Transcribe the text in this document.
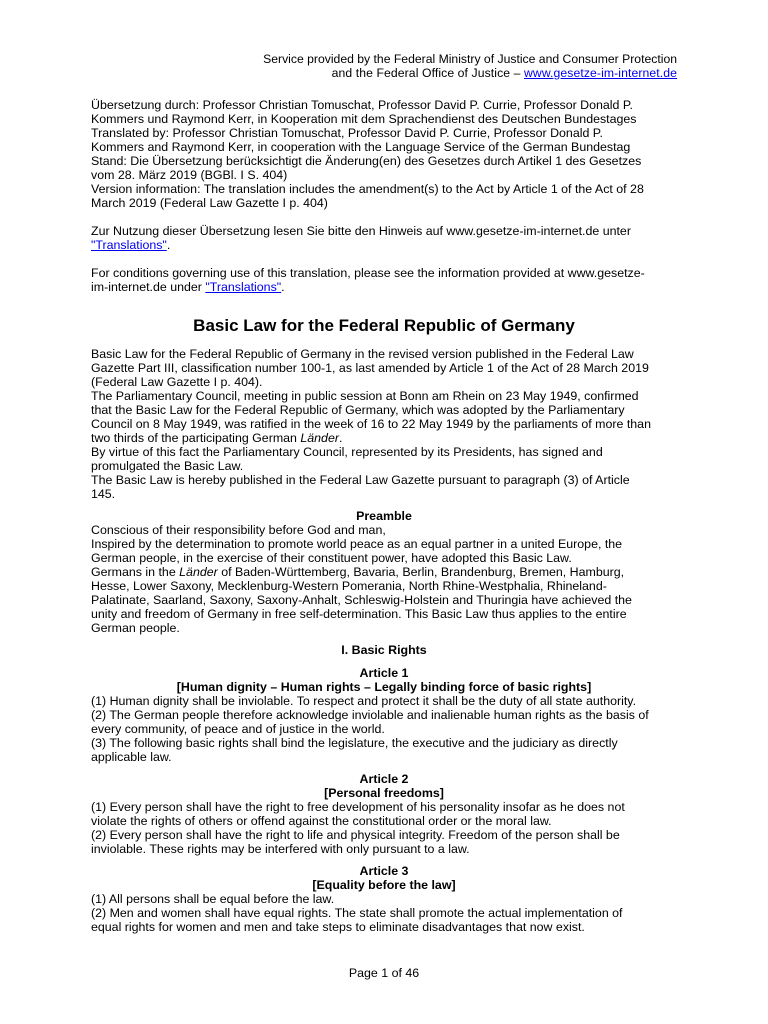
Service provided by the Federal Ministry of Justice and Consumer Protection
and the Federal Office of Justice – www.gesetze-im-internet.de
Übersetzung durch: Professor Christian Tomuschat, Professor David P. Currie, Professor Donald P.
Kommers und Raymond Kerr, in Kooperation mit dem Sprachendienst des Deutschen Bundestages
Translated by: Professor Christian Tomuschat, Professor David P. Currie, Professor Donald P.
Kommers and Raymond Kerr, in cooperation with the Language Service of the German Bundestag
Stand: Die Übersetzung berücksichtigt die Änderung(en) des Gesetzes durch Artikel 1 des Gesetzes
vom 28. März 2019 (BGBl. I S. 404)
Version information: The translation includes the amendment(s) to the Act by Article 1 of the Act of 28
March 2019 (Federal Law Gazette I p. 404)
Zur Nutzung dieser Übersetzung lesen Sie bitte den Hinweis auf www.gesetze-im-internet.de unter
"Translations".
For conditions governing use of this translation, please see the information provided at www.gesetze-
im-internet.de under "Translations".
Basic Law for the Federal Republic of Germany
Basic Law for the Federal Republic of Germany in the revised version published in the Federal Law
Gazette Part III, classification number 100-1, as last amended by Article 1 of the Act of 28 March 2019
(Federal Law Gazette I p. 404).
The Parliamentary Council, meeting in public session at Bonn am Rhein on 23 May 1949, confirmed
that the Basic Law for the Federal Republic of Germany, which was adopted by the Parliamentary
Council on 8 May 1949, was ratified in the week of 16 to 22 May 1949 by the parliaments of more than
two thirds of the participating German Länder.
By virtue of this fact the Parliamentary Council, represented by its Presidents, has signed and
promulgated the Basic Law.
The Basic Law is hereby published in the Federal Law Gazette pursuant to paragraph (3) of Article
145.
Preamble
Conscious of their responsibility before God and man,
Inspired by the determination to promote world peace as an equal partner in a united Europe, the
German people, in the exercise of their constituent power, have adopted this Basic Law.
Germans in the Länder of Baden-Württemberg, Bavaria, Berlin, Brandenburg, Bremen, Hamburg,
Hesse, Lower Saxony, Mecklenburg-Western Pomerania, North Rhine-Westphalia, Rhineland-
Palatinate, Saarland, Saxony, Saxony-Anhalt, Schleswig-Holstein and Thuringia have achieved the
unity and freedom of Germany in free self-determination. This Basic Law thus applies to the entire
German people.
I. Basic Rights
Article 1
[Human dignity – Human rights – Legally binding force of basic rights]
(1) Human dignity shall be inviolable. To respect and protect it shall be the duty of all state authority.
(2) The German people therefore acknowledge inviolable and inalienable human rights as the basis of
every community, of peace and of justice in the world.
(3) The following basic rights shall bind the legislature, the executive and the judiciary as directly
applicable law.
Article 2
[Personal freedoms]
(1) Every person shall have the right to free development of his personality insofar as he does not
violate the rights of others or offend against the constitutional order or the moral law.
(2) Every person shall have the right to life and physical integrity. Freedom of the person shall be
inviolable. These rights may be interfered with only pursuant to a law.
Article 3
[Equality before the law]
(1) All persons shall be equal before the law.
(2) Men and women shall have equal rights. The state shall promote the actual implementation of
equal rights for women and men and take steps to eliminate disadvantages that now exist.
Page 1 of 46
